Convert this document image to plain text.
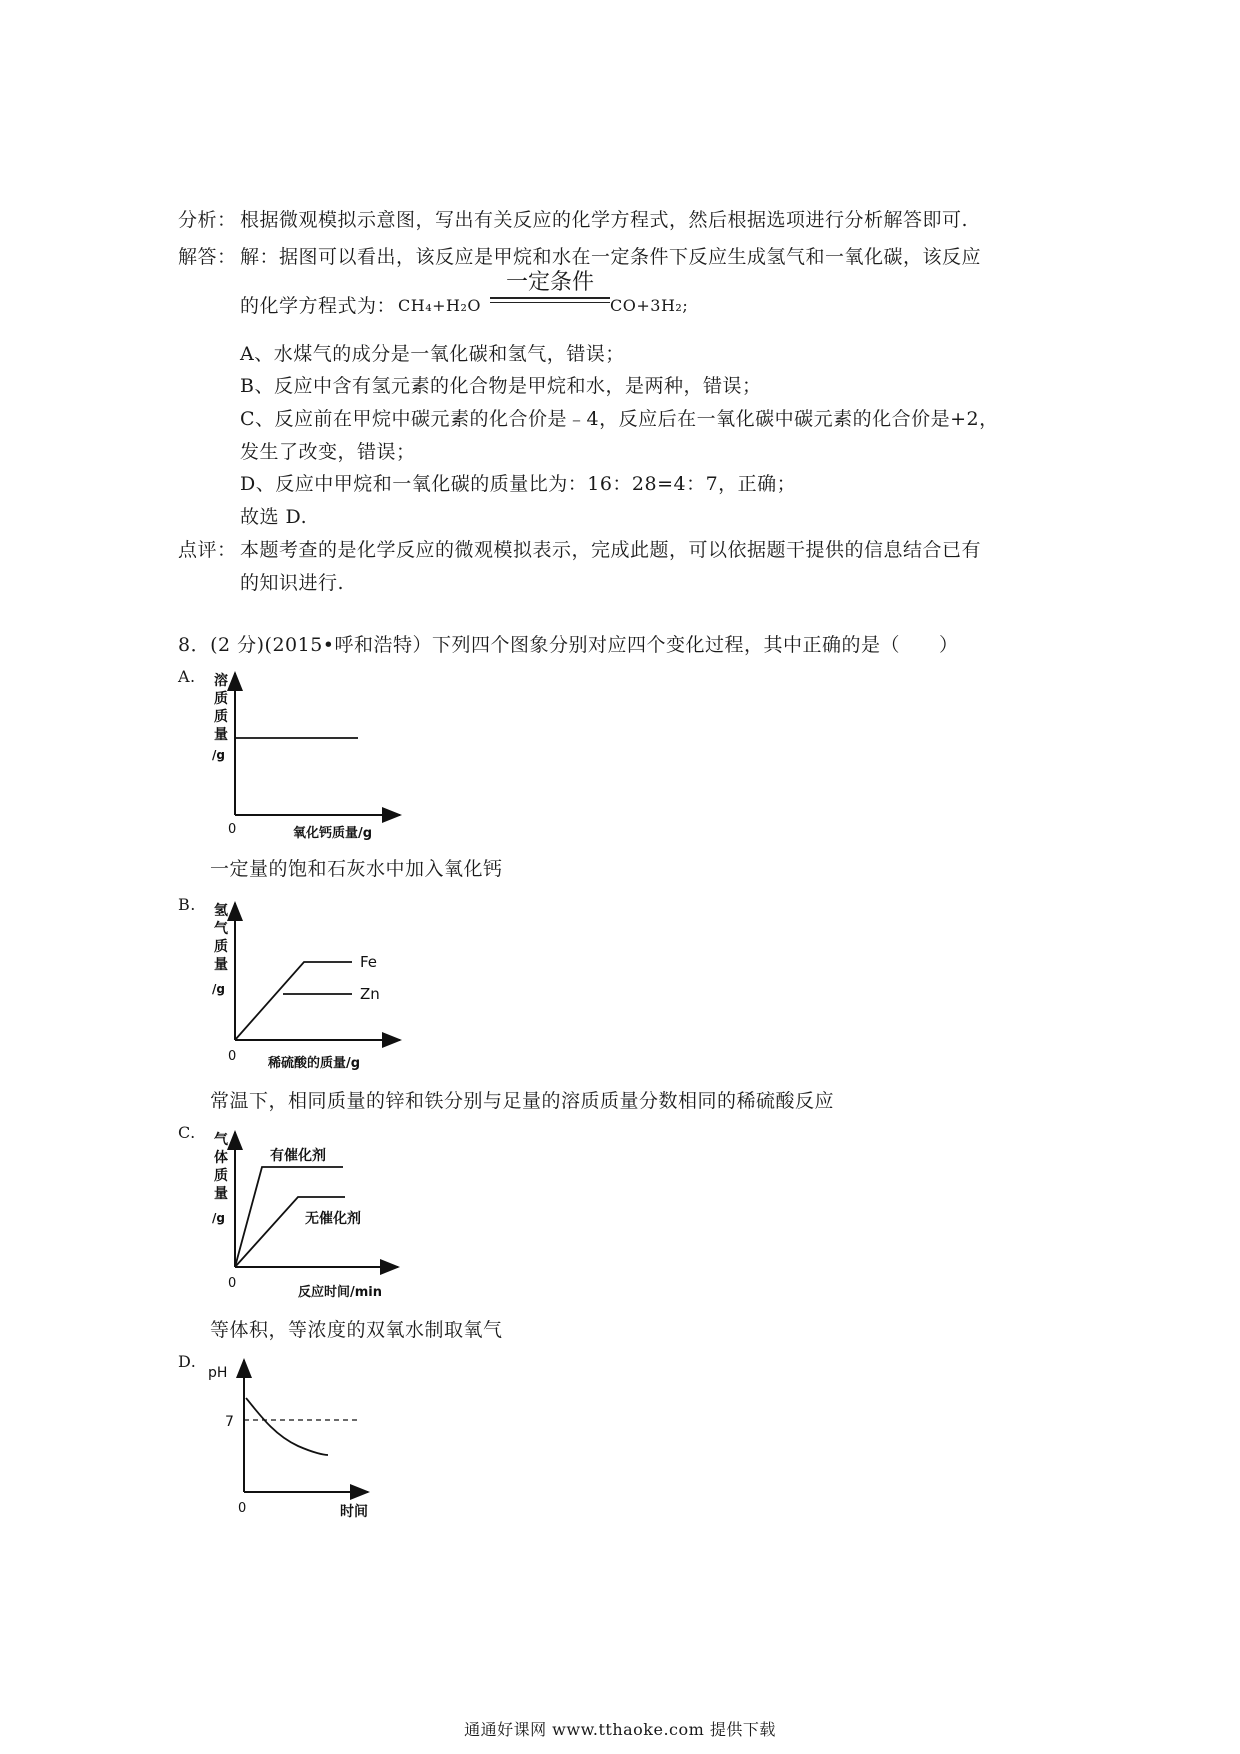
分析： 根据微观模拟示意图，写出有关反应的化学方程式，然后根据选项进行分析解答即可.
解答： 解：据图可以看出，该反应是甲烷和水在一定条件下反应生成氢气和一氧化碳，该反应
的化学方程式为： CH₄+H₂O
一定条件
CO+3H₂;
A、水煤气的成分是一氧化碳和氢气，错误；
B、反应中含有氢元素的化合物是甲烷和水，是两种，错误；
C、反应前在甲烷中碳元素的化合价是﹣4，反应后在一氧化碳中碳元素的化合价是+2，
发生了改变，错误；
D、反应中甲烷和一氧化碳的质量比为：16：28=4：7，正确；
故选 D.
点评： 本题考查的是化学反应的微观模拟表示，完成此题，可以依据题干提供的信息结合已有
的知识进行.
8．(2 分)(2015•呼和浩特）下列四个图象分别对应四个变化过程，其中正确的是（　　）
A. 溶
质
质
量
/g
0	氧化钙质量/g
一定量的饱和石灰水中加入氧化钙
B.
Fe
Zn
氢
气
质
量
/g
0 稀硫酸的质量/g
常温下，相同质量的锌和铁分别与足量的溶质质量分数相同的稀硫酸反应
C.
有催化剂
无催化剂
气
体
质
量
/g
0
反应时间/min
等体积，等浓度的双氧水制取氧气
D.
pH
7
0	时间
通通好课网 www.tthaoke.com 提供下载
